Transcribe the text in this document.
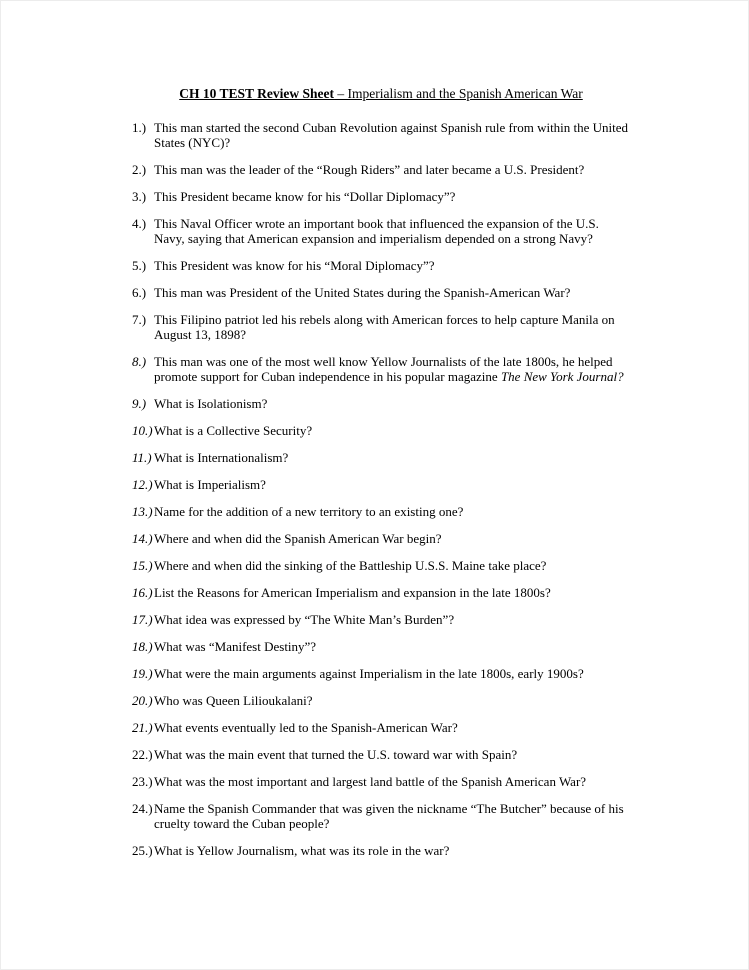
CH 10 TEST Review Sheet – Imperialism and the Spanish American War
1.) This man started the second Cuban Revolution against Spanish rule from within the United States (NYC)?
2.) This man was the leader of the “Rough Riders” and later became a U.S. President?
3.) This President became know for his “Dollar Diplomacy”?
4.) This Naval Officer wrote an important book that influenced the expansion of the U.S. Navy, saying that American expansion and imperialism depended on a strong Navy?
5.) This President was know for his “Moral Diplomacy”?
6.) This man was President of the United States during the Spanish-American War?
7.) This Filipino patriot led his rebels along with American forces to help capture Manila on August 13, 1898?
8.) This man was one of the most well know Yellow Journalists of the late 1800s, he helped promote support for Cuban independence in his popular magazine The New York Journal?
9.) What is Isolationism?
10.)What is a Collective Security?
11.) What is Internationalism?
12.)What is Imperialism?
13.)Name for the addition of a new territory to an existing one?
14.)Where and when did the Spanish American War begin?
15.)Where and when did the sinking of the Battleship U.S.S. Maine take place?
16.)List the Reasons for American Imperialism and expansion in the late 1800s?
17.)What idea was expressed by “The White Man’s Burden”?
18.)What was “Manifest Destiny”?
19.)What were the main arguments against Imperialism in the late 1800s, early 1900s?
20.)Who was Queen Lilioukalani?
21.)What events eventually led to the Spanish-American War?
22.)What was the main event that turned the U.S. toward war with Spain?
23.)What was the most important and largest land battle of the Spanish American War?
24.)Name the Spanish Commander that was given the nickname “The Butcher” because of his cruelty toward the Cuban people?
25.)What is Yellow Journalism, what was its role in the war?
